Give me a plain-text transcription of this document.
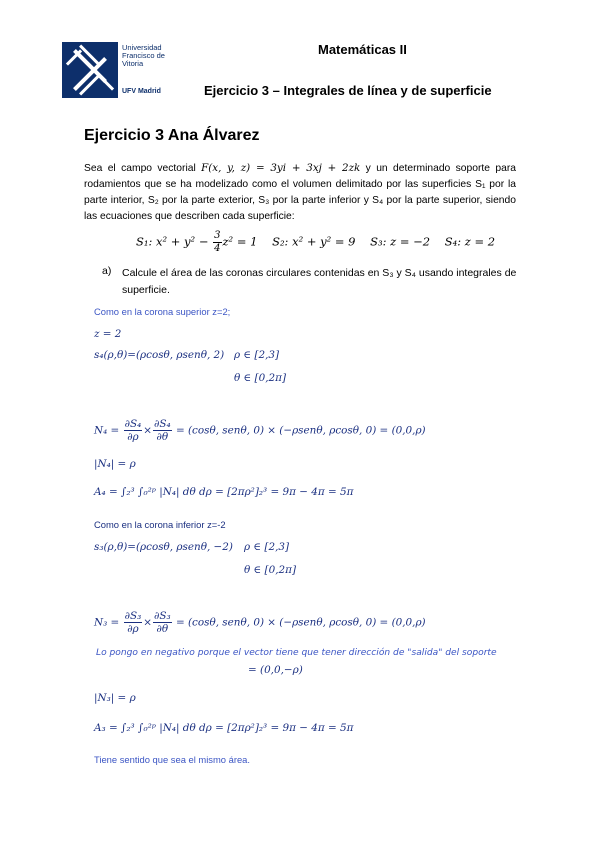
Universidad
Francisco de
Vitoria
UFV Madrid
Matemáticas II
Ejercicio 3 – Integrales de línea y de superficie
Ejercicio 3 Ana Álvarez
Sea el campo vectorial F(x, y, z) = 3yi + 3xj + 2zk y un determinado soporte para rodamientos que se ha modelizado como el volumen delimitado por las superficies S₁ por la parte interior, S₂ por la parte exterior, S₃ por la parte inferior y S₄ por la parte superior, siendo las ecuaciones que describen cada superficie:
S₁: $x^2 + y^2 - \frac{3}{4} z^2 = 1$ S₂: x² + y² = 9 S₃: z = −2 S₄: z = 2
a) Calcule el área de las coronas circulares contenidas en S₃ y S₄ usando integrales de superficie.
Como en la corona superior z=2;
z = 2
s₄(ρ,θ)=(ρcosθ, ρsenθ, 2) ρ ∈ [2,3]
θ ∈ [0,2π]
$N_4 = \frac{\text{∂S₄}}{\partial\rho} \times \frac{\text{∂S₄}}{\partial\theta} = (\cos\theta$, senθ, 0) × (−ρsenθ, ρcosθ, 0) = (0,0,ρ)
|N₄| = ρ
A₄ = ∫₂³ ∫₀²ᵖ |N₄| dθ dρ = [2πρ²]₂³ = 9π − 4π = 5π
Como en la corona inferior z=-2
s₃(ρ,θ)=(ρcosθ, ρsenθ, −2) ρ ∈ [2,3]
θ ∈ [0,2π]
$N_3 = \frac{\text{∂S₃}}{\partial\rho} \times \frac{\text{∂S₃}}{\partial\theta} = (\cos\theta$, senθ, 0) × (−ρsenθ, ρcosθ, 0) = (0,0,ρ)
Lo pongo en negativo porque el vector tiene que tener dirección de "salida" del soporte
= (0,0,−ρ)
|N₃| = ρ
A₃ = ∫₂³ ∫₀²ᵖ |N₄| dθ dρ = [2πρ²]₂³ = 9π − 4π = 5π
Tiene sentido que sea el mismo área.
